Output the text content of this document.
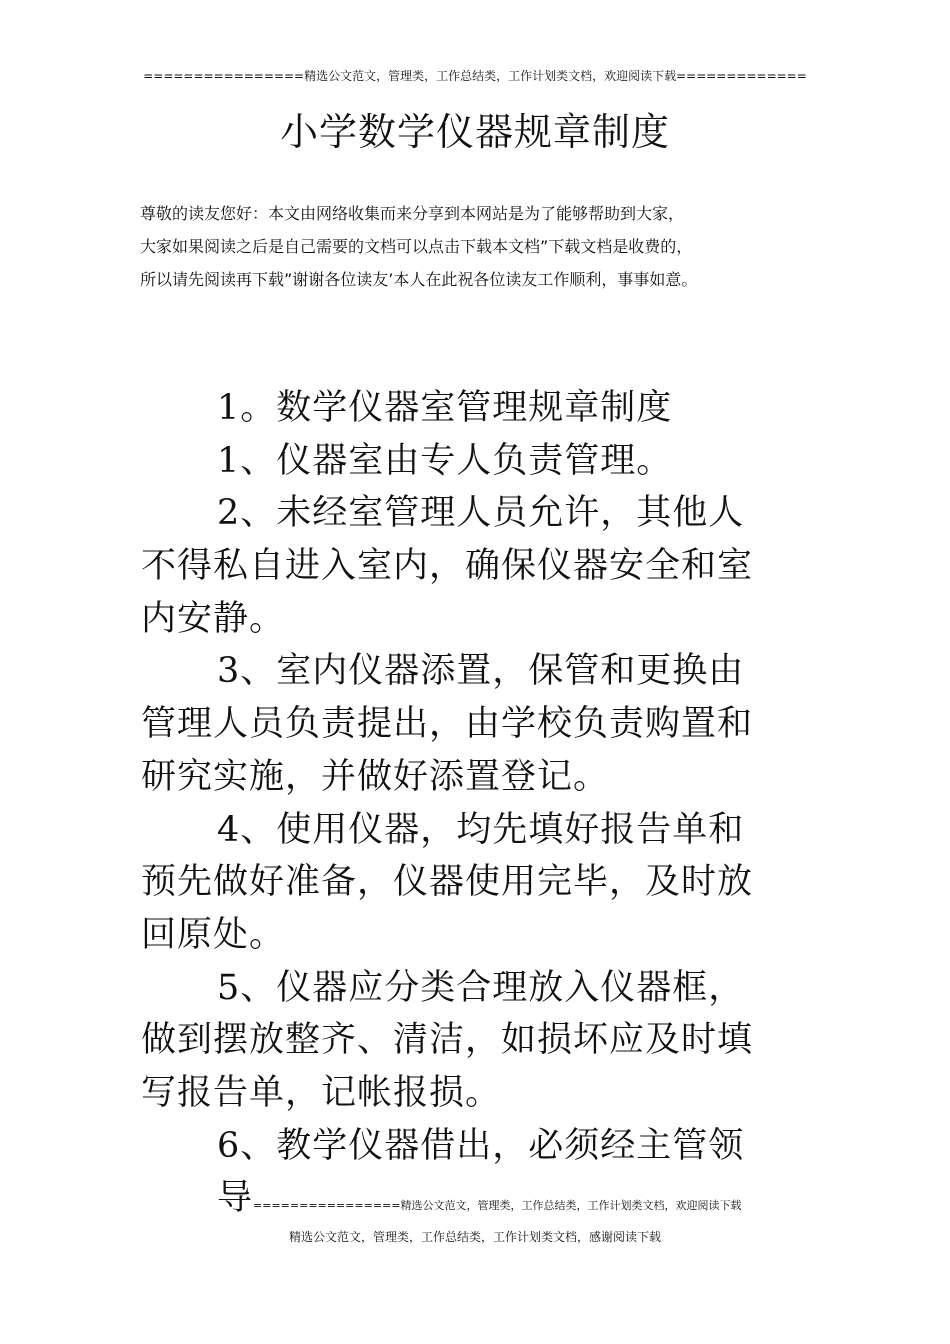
================精选公文范文，管理类，工作总结类，工作计划类文档，欢迎阅读下载=============
小学数学仪器规章制度
尊敬的读友您好：本文由网络收集而来分享到本网站是为了能够帮助到大家，
大家如果阅读之后是自己需要的文档可以点击下载本文档”下载文档是收费的，
所以请先阅读再下载”谢谢各位读友’本人在此祝各位读友工作顺利，事事如意。
1。数学仪器室管理规章制度
1、仪器室由专人负责管理。
2、未经室管理人员允许，其他人
不得私自进入室内，确保仪器安全和室
内安静。
3、室内仪器添置，保管和更换由
管理人员负责提出，由学校负责购置和
研究实施，并做好添置登记。
4、使用仪器，均先填好报告单和
预先做好准备，仪器使用完毕，及时放
回原处。
5、仪器应分类合理放入仪器框，
做到摆放整齐、清洁，如损坏应及时填
写报告单，记帐报损。
6、教学仪器借出，必须经主管领
导================精选公文范文，管理类，工作总结类，工作计划类文档，欢迎阅读下载
精选公文范文，管理类，工作总结类，工作计划类文档，感谢阅读下载
